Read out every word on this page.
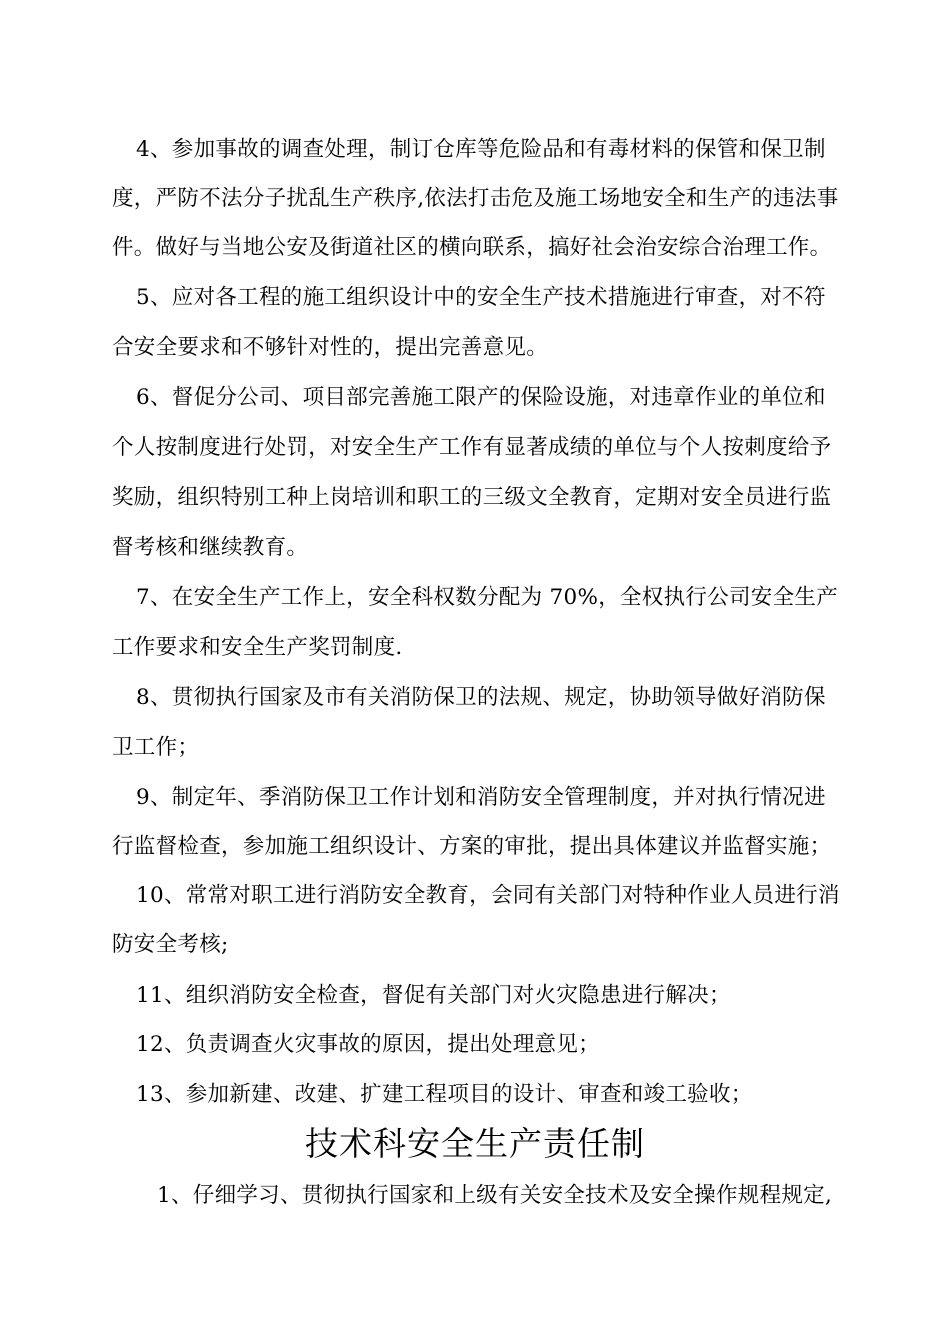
4、参加事故的调查处理，制订仓库等危险品和有毒材料的保管和保卫制
度，严防不法分子扰乱生产秩序,依法打击危及施工场地安全和生产的违法事
件。做好与当地公安及街道社区的横向联系，搞好社会治安综合治理工作。
5、应对各工程的施工组织设计中的安全生产技术措施进行审查，对不符
合安全要求和不够针对性的，提出完善意见。
6、督促分公司、项目部完善施工限产的保险设施，对违章作业的单位和
个人按制度进行处罚，对安全生产工作有显著成绩的单位与个人按刺度给予
奖励，组织特别工种上岗培训和职工的三级文全教育，定期对安全员进行监
督考核和继续教育。
7、在安全生产工作上，安全科权数分配为 70%，全权执行公司安全生产
工作要求和安全生产奖罚制度.
8、贯彻执行国家及市有关消防保卫的法规、规定，协助领导做好消防保
卫工作；
9、制定年、季消防保卫工作计划和消防安全管理制度，并对执行情况进
行监督检查，参加施工组织设计、方案的审批，提出具体建议并监督实施；
10、常常对职工进行消防安全教育，会同有关部门对特种作业人员进行消
防安全考核;
11、组织消防安全检查，督促有关部门对火灾隐患进行解决；
12、负责调查火灾事故的原因，提出处理意见；
13、参加新建、改建、扩建工程项目的设计、审查和竣工验收；
技术科安全生产责任制
1、仔细学习、贯彻执行国家和上级有关安全技术及安全操作规程规定,
